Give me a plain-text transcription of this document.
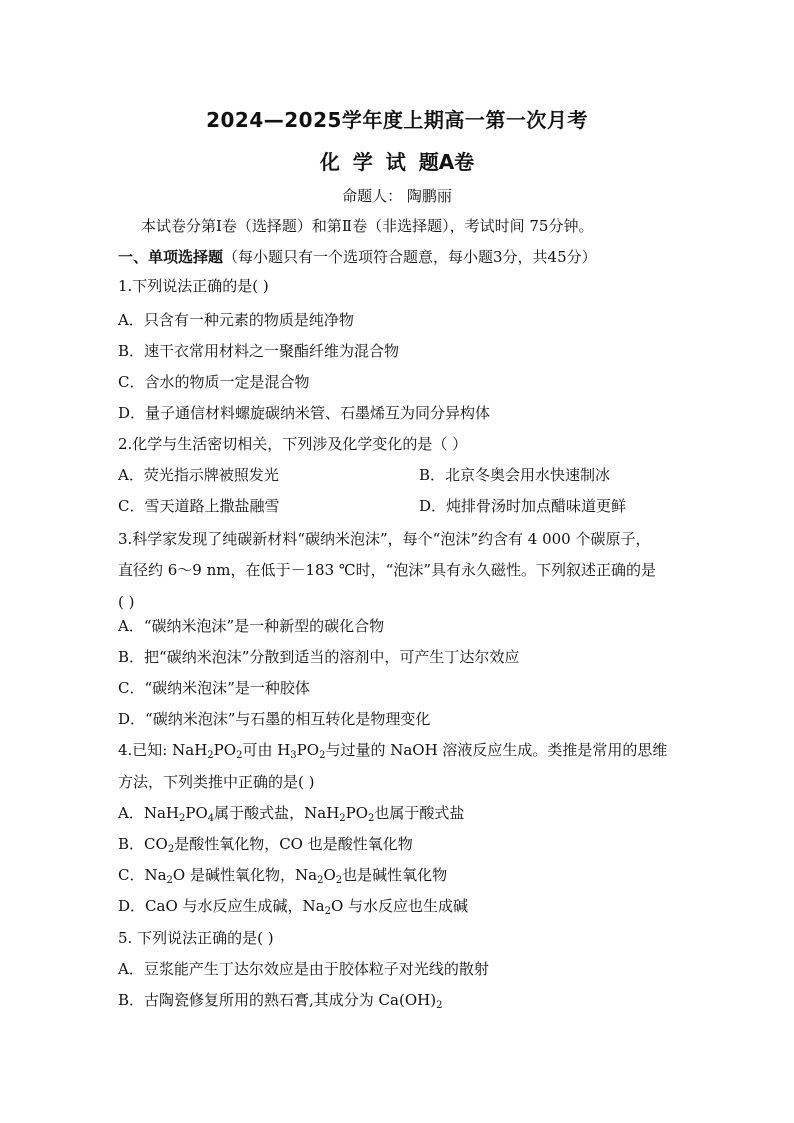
2024—2025学年度上期高一第一次月考
化 学 试 题A卷
命题人： 陶鹏丽
本试卷分第Ⅰ卷（选择题）和第Ⅱ卷（非选择题），考试时间 75分钟。
一、单项选择题（每小题只有一个选项符合题意，每小题3分，共45分）
1.下列说法正确的是( )
A．只含有一种元素的物质是纯净物
B．速干衣常用材料之一聚酯纤维为混合物
C．含水的物质一定是混合物
D．量子通信材料螺旋碳纳米管、石墨烯互为同分异构体
2.化学与生活密切相关，下列涉及化学变化的是（ ）
A．荧光指示牌被照发光	B．北京冬奥会用水快速制冰
C．雪天道路上撒盐融雪	D．炖排骨汤时加点醋味道更鲜
3.科学家发现了纯碳新材料“碳纳米泡沫”，每个“泡沫”约含有 4 000 个碳原子，
直径约 6～9 nm，在低于－183 ℃时，“泡沫”具有永久磁性。下列叙述正确的是
( )
A．“碳纳米泡沫”是一种新型的碳化合物
B．把“碳纳米泡沫”分散到适当的溶剂中，可产生丁达尔效应
C．“碳纳米泡沫”是一种胶体
D．“碳纳米泡沫”与石墨的相互转化是物理变化
4.已知: $NaH_2PO_2$可由 $H_3PO_2$与过量的 NaOH 溶液反应生成。类推是常用的思维
方法，下列类推中正确的是( )
A．$NaH_2PO_4$属于酸式盐，$NaH_2PO_2$也属于酸式盐
B．$CO_2$是酸性氧化物，CO 也是酸性氧化物
C．$Na_2O$ 是碱性氧化物，$Na_2O_2$也是碱性氧化物
D．CaO 与水反应生成碱，$Na_2O$ 与水反应也生成碱
5. 下列说法正确的是( )
A．豆浆能产生丁达尔效应是由于胶体粒子对光线的散射
B．古陶瓷修复所用的熟石膏,其成分为 $Ca(OH)_2$
